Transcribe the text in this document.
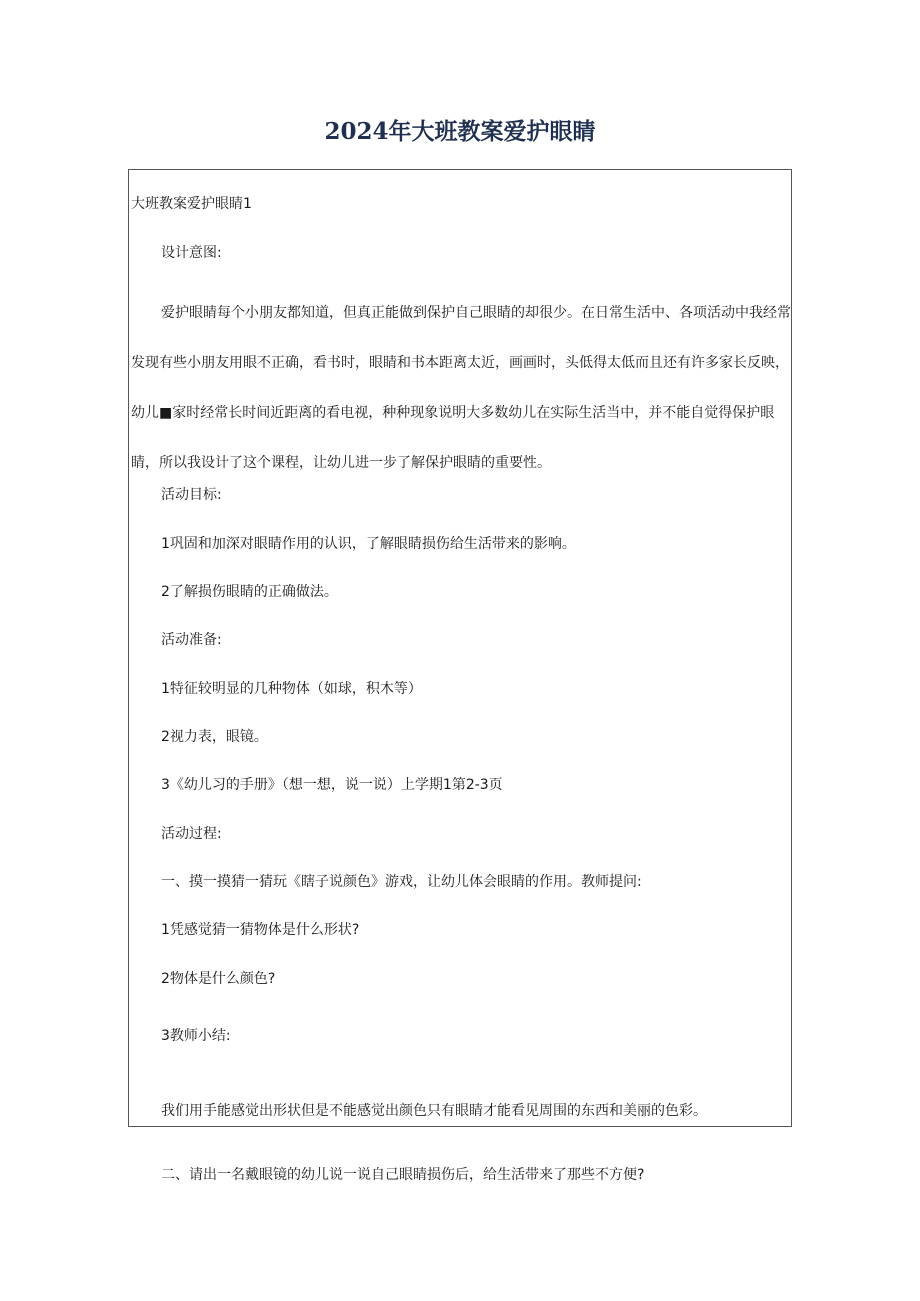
2024年大班教案爱护眼睛

大班教案爱护眼睛1

设计意图:

爱护眼睛每个小朋友都知道，但真正能做到保护自己眼睛的却很少。在日常生活中、各项活动中我经常发现有些小朋友用眼不正确，看书时，眼睛和书本距离太近，画画时，头低得太低而且还有许多家长反映，幼儿■家时经常长时间近距离的看电视，种种现象说明大多数幼儿在实际生活当中，并不能自觉得保护眼睛，所以我设计了这个课程，让幼儿进一步了解保护眼睛的重要性。

活动目标:

1巩固和加深对眼睛作用的认识，了解眼睛损伤给生活带来的影响。

2了解损伤眼睛的正确做法。

活动准备:

1特征较明显的几种物体（如球，积木等）

2视力表，眼镜。

3《幼儿习的手册》（想一想，说一说）上学期1第2-3页

活动过程:

一、摸一摸猜一猜玩《瞎子说颜色》游戏，让幼儿体会眼睛的作用。教师提问:

1凭感觉猜一猜物体是什么形状?

2物体是什么颜色?

3教师小结:

我们用手能感觉出形状但是不能感觉出颜色只有眼睛才能看见周围的东西和美丽的色彩。

二、请出一名戴眼镜的幼儿说一说自己眼睛损伤后，给生活带来了那些不方便?
